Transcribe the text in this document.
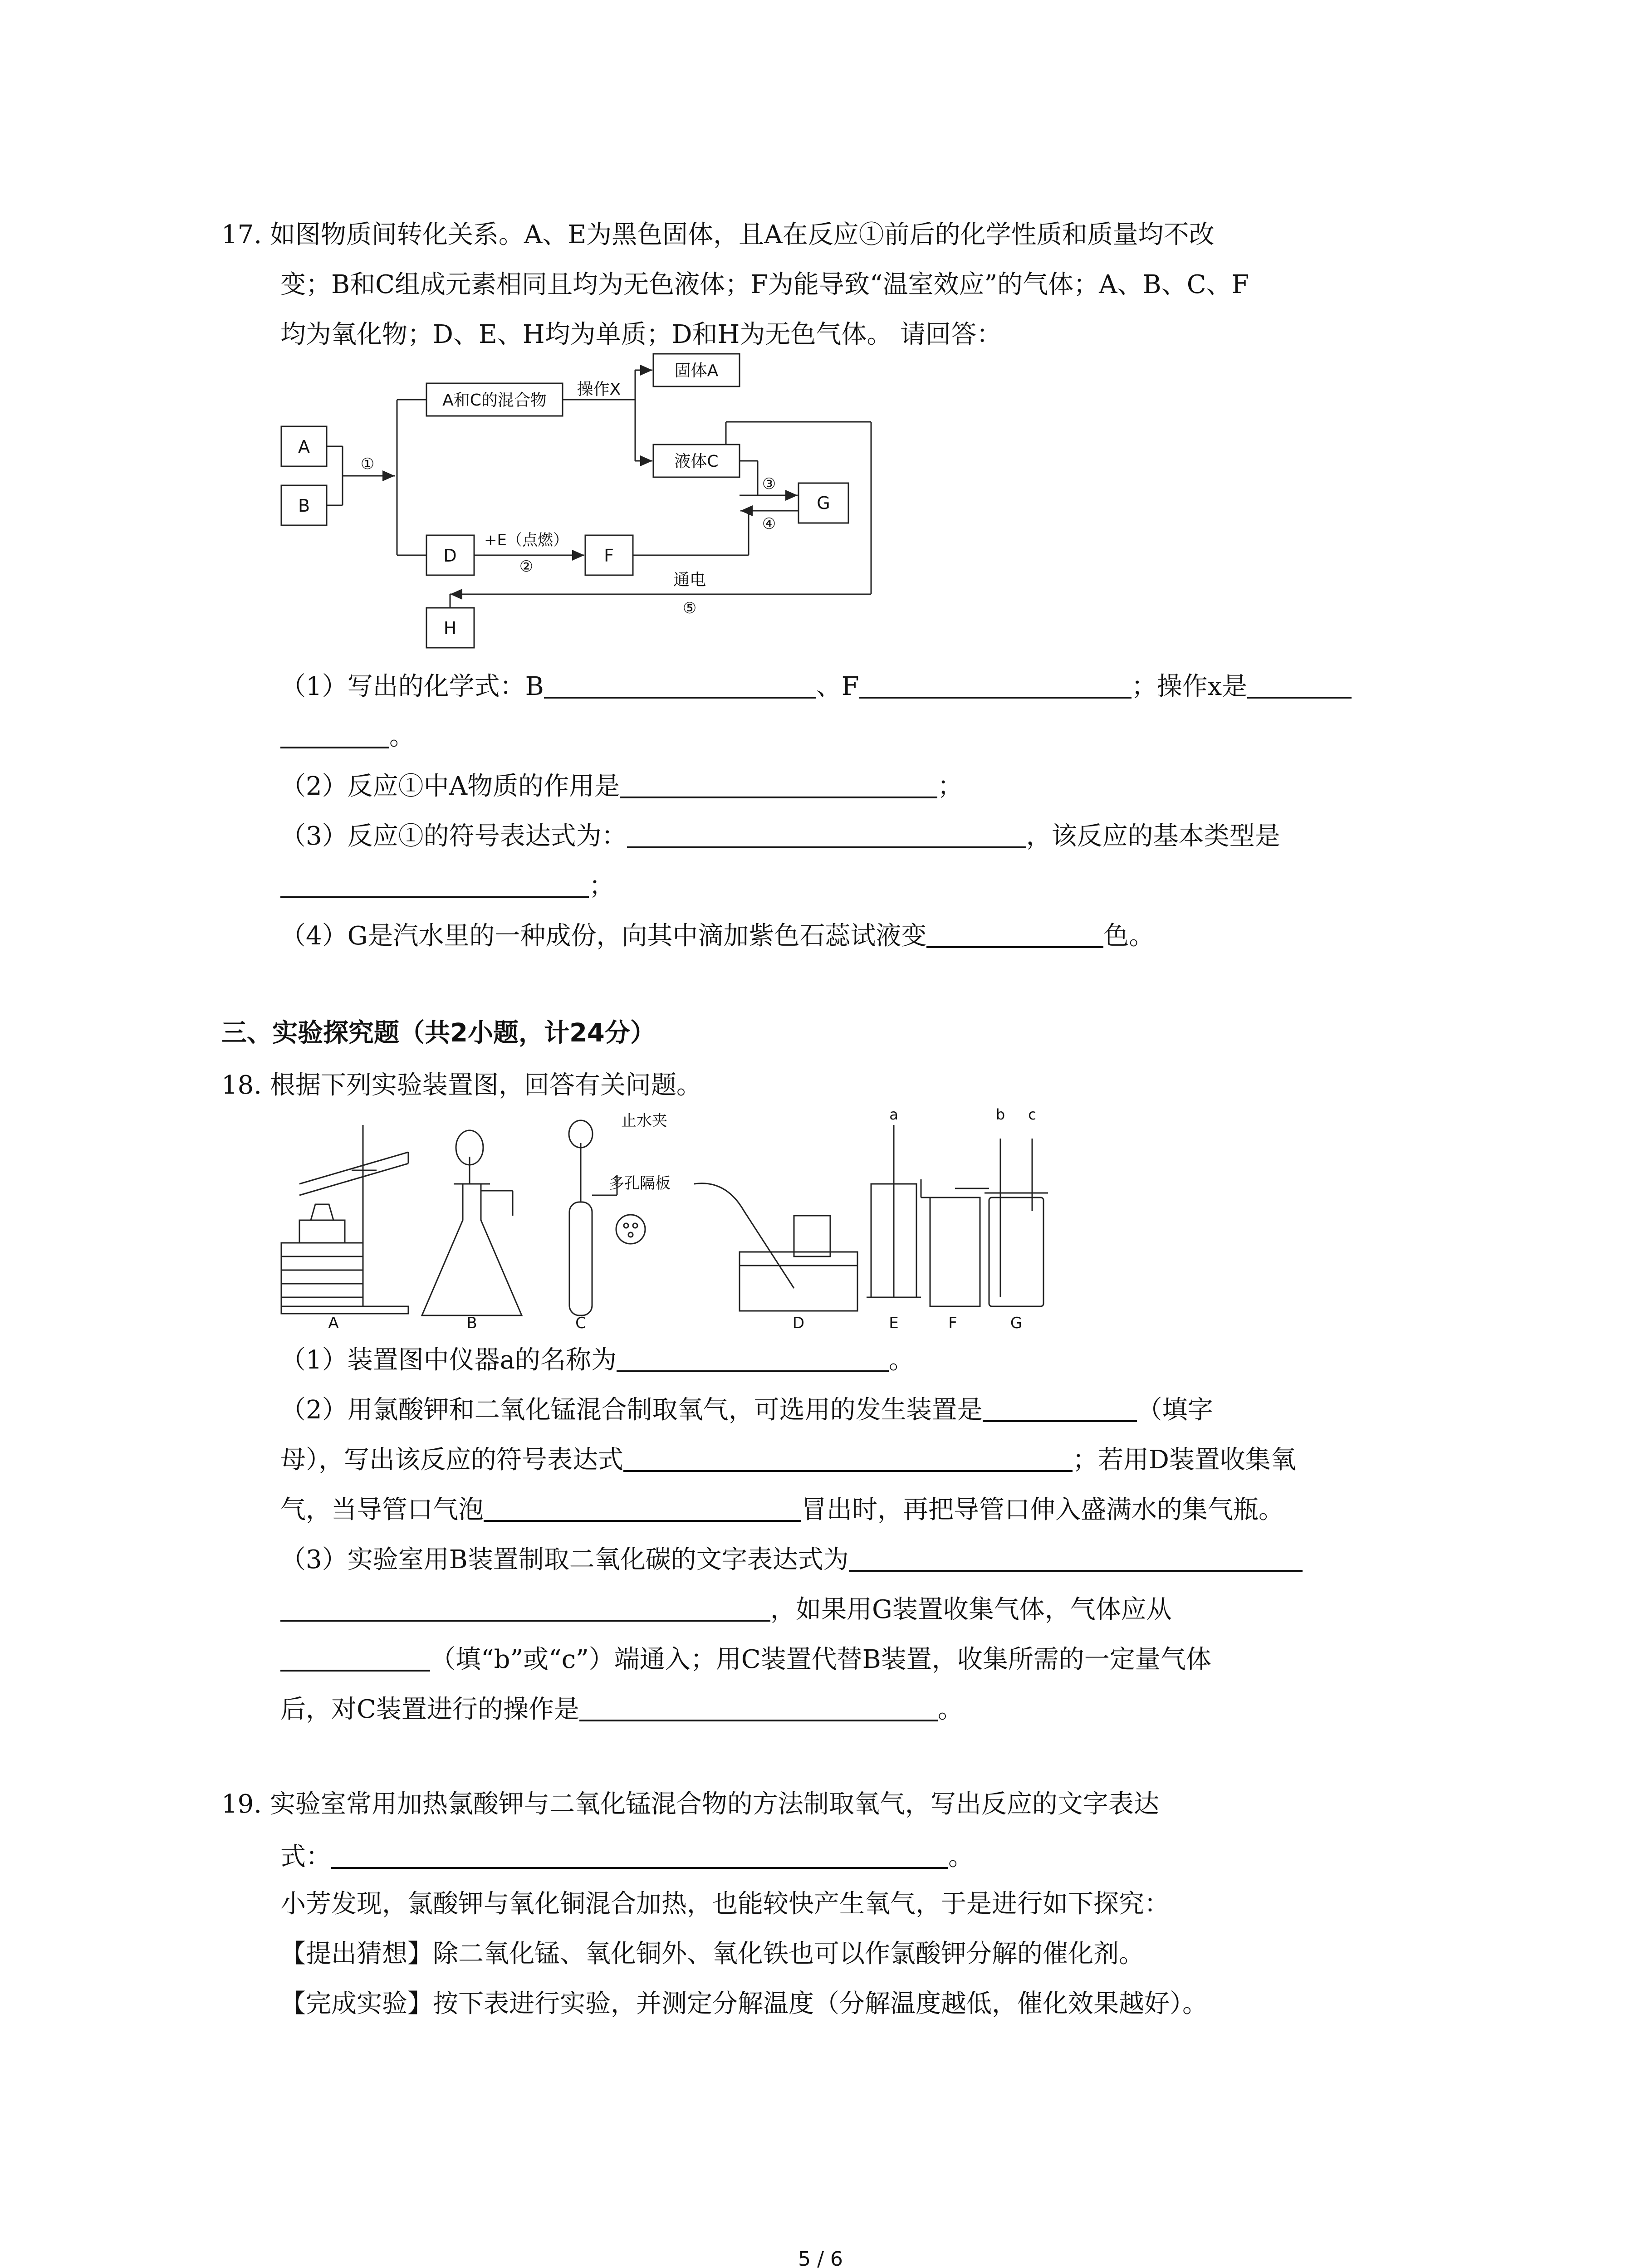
17. 如图物质间转化关系。A、E为黑色固体，且A在反应①前后的化学性质和质量均不改
变；B和C组成元素相同且均为无色液体；F为能导致“温室效应”的气体；A、B、C、F
均为氧化物；D、E、H均为单质；D和H为无色气体。 请回答：
A
B
A和C的混合物
固体A
液体C
G
D	F
H
①
操作X
+E（点燃）
②
③
④
通电
⑤
（1）写出的化学式：B	、F	；操作x是
。
（2）反应①中A物质的作用是	；
（3）反应①的符号表达式为：	，该反应的基本类型是
；
（4）G是汽水里的一种成份，向其中滴加紫色石蕊试液变	色。
三、实验探究题（共2小题，计24分）
18. 根据下列实验装置图，回答有关问题。
A	B	C	D	E	F	G
止水夹
多孔隔板
a	b c
（1）装置图中仪器a的名称为	。
（2）用氯酸钾和二氧化锰混合制取氧气，可选用的发生装置是	（填字
母），写出该反应的符号表达式	；若用D装置收集氧
气，当导管口气泡	冒出时，再把导管口伸入盛满水的集气瓶。
（3）实验室用B装置制取二氧化碳的文字表达式为
，如果用G装置收集气体，气体应从
（填“b”或“c”）端通入；用C装置代替B装置，收集所需的一定量气体
后，对C装置进行的操作是	。
19. 实验室常用加热氯酸钾与二氧化锰混合物的方法制取氧气，写出反应的文字表达
式：	。
小芳发现，氯酸钾与氧化铜混合加热，也能较快产生氧气，于是进行如下探究：
【提出猜想】除二氧化锰、氧化铜外、氧化铁也可以作氯酸钾分解的催化剂。
【完成实验】按下表进行实验，并测定分解温度（分解温度越低，催化效果越好）。
5 / 6
